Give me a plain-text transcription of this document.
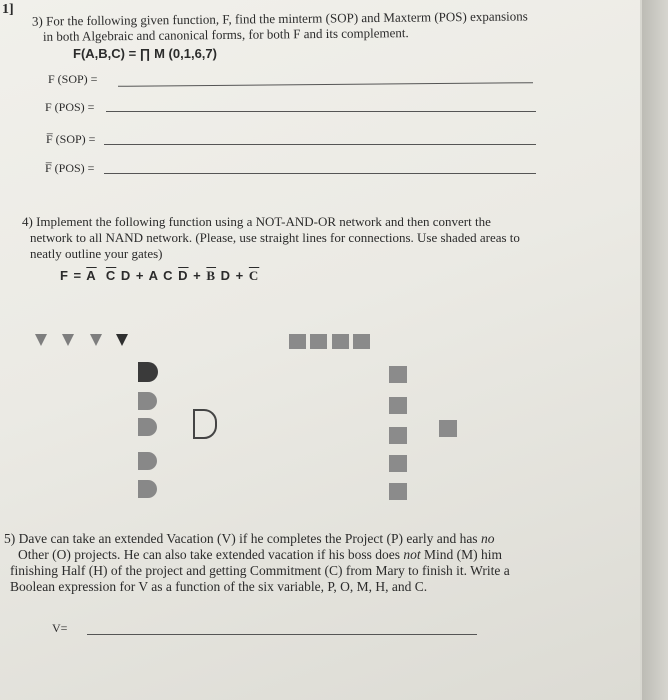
1]
3) For the following given function, F, find the minterm (SOP) and Maxterm (POS) expansions
in both Algebraic and canonical forms, for both F and its complement.
F(A,B,C) = ∏ M (0,1,6,7)
F (SOP) =
F (POS) =
F̅ (SOP) =
F̅ (POS) =
4) Implement the following function using a NOT-AND-OR network and then convert the
network to all NAND network. (Please, use straight lines for connections. Use shaded areas to
neatly outline your gates)
$F = \overline{A}$ $\overline{C}$ D + A C $\overline{D} + \overline{B}$ $D + \overline{C}$
5) Dave can take an extended Vacation (V) if he completes the Project (P) early and has no
Other (O) projects. He can also take extended vacation if his boss does not Mind (M) him
finishing Half (H) of the project and getting Commitment (C) from Mary to finish it. Write a
Boolean expression for V as a function of the six variable, P, O, M, H, and C.
V=
